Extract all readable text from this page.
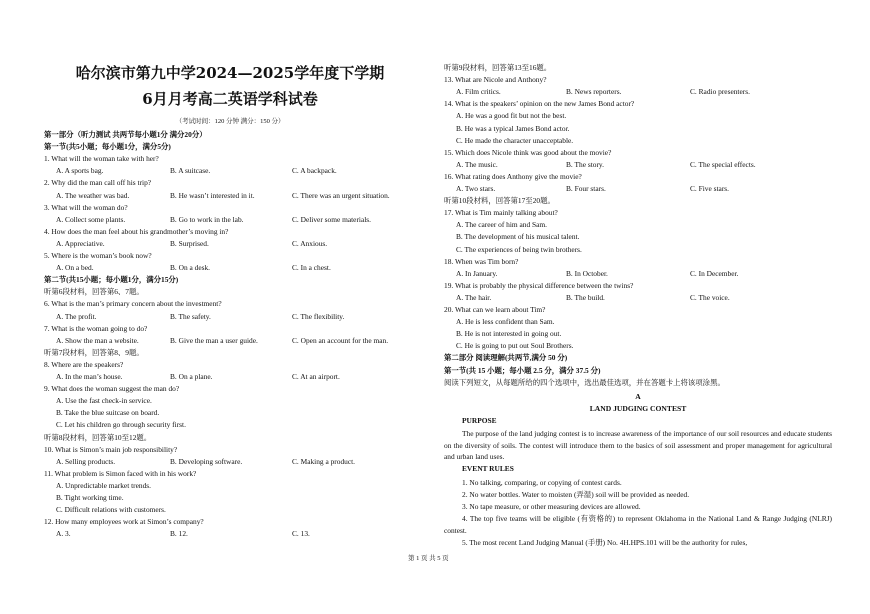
哈尔滨市第九中学2024—2025学年度下学期
6月月考高二英语学科试卷
（考试时间：120 分钟 满分：150 分）
第一部分（听力测试 共两节每小题1分 满分20分）
第一节(共5小题；每小题1分，满分5分)
1. What will the woman take with her?
A. A sports bag.	B. A suitcase.	C. A backpack.
2. Why did the man call off his trip?
A. The weather was bad.	B. He wasn’t interested in it.	C. There was an urgent situation.
3. What will the woman do?
A. Collect some plants.	B. Go to work in the lab.	C. Deliver some materials.
4. How does the man feel about his grandmother’s moving in?
A. Appreciative.	B. Surprised.	C. Anxious.
5. Where is the woman’s book now?
A. On a bed.	B. On a desk.	C. In a chest.
第二节(共15小题；每小题1分，满分15分)
听第6段材料，回答第6、7题。
6. What is the man’s primary concern about the investment?
A. The profit.	B. The safety.	C. The flexibility.
7. What is the woman going to do?
A. Show the man a website.	B. Give the man a user guide.	C. Open an account for the man.
听第7段材料，回答第8、9题。
8. Where are the speakers?
A. In the man’s house.	B. On a plane.	C. At an airport.
9. What does the woman suggest the man do?
A. Use the fast check-in service.
B. Take the blue suitcase on board.
C. Let his children go through security first.
听第8段材料，回答第10至12题。
10. What is Simon’s main job responsibility?
A. Selling products.	B. Developing software.	C. Making a product.
11. What problem is Simon faced with in his work?
A. Unpredictable market trends.
B. Tight working time.
C. Difficult relations with customers.
12. How many employees work at Simon’s company?
A. 3.	B. 12.	C. 13.
听第9段材料，回答第13至16题。
13. What are Nicole and Anthony?
A. Film critics.	B. News reporters.	C. Radio presenters.
14. What is the speakers’ opinion on the new James Bond actor?
A. He was a good fit but not the best.
B. He was a typical James Bond actor.
C. He made the character unacceptable.
15. Which does Nicole think was good about the movie?
A. The music.	B. The story.	C. The special effects.
16. What rating does Anthony give the movie?
A. Two stars.	B. Four stars.	C. Five stars.
听第10段材料，回答第17至20题。
17. What is Tim mainly talking about?
A. The career of him and Sam.
B. The development of his musical talent.
C. The experiences of being twin brothers.
18. When was Tim born?
A. In January.	B. In October.	C. In December.
19. What is probably the physical difference between the twins?
A. The hair.	B. The build.	C. The voice.
20. What can we learn about Tim?
A. He is less confident than Sam.
B. He is not interested in going out.
C. He is going to put out Soul Brothers.
第二部分 阅读理解(共两节,满分 50 分)
第一节(共 15 小题；每小题 2.5 分，满分 37.5 分)
阅读下列短文，从每题所给的四个选项中，选出最佳选项，并在答题卡上将该项涂黑。
A
LAND JUDGING CONTEST
PURPOSE
The purpose of the land judging contest is to increase awareness of the importance of our soil resources and educate students on the diversity of soils. The contest will introduce them to the basics of soil assessment and proper management for agricultural and urban land uses.
EVENT RULES
1. No talking, comparing, or copying of contest cards.
2. No water bottles. Water to moisten (弄湿) soil will be provided as needed.
3. No tape measure, or other measuring devices are allowed.
4. The top five teams will be eligible (有资格的) to represent Oklahoma in the National Land & Range Judging (NLRJ) contest.
5. The most recent Land Judging Manual (手册) No. 4H.HPS.101 will be the authority for rules,
第 1 页 共 5 页
